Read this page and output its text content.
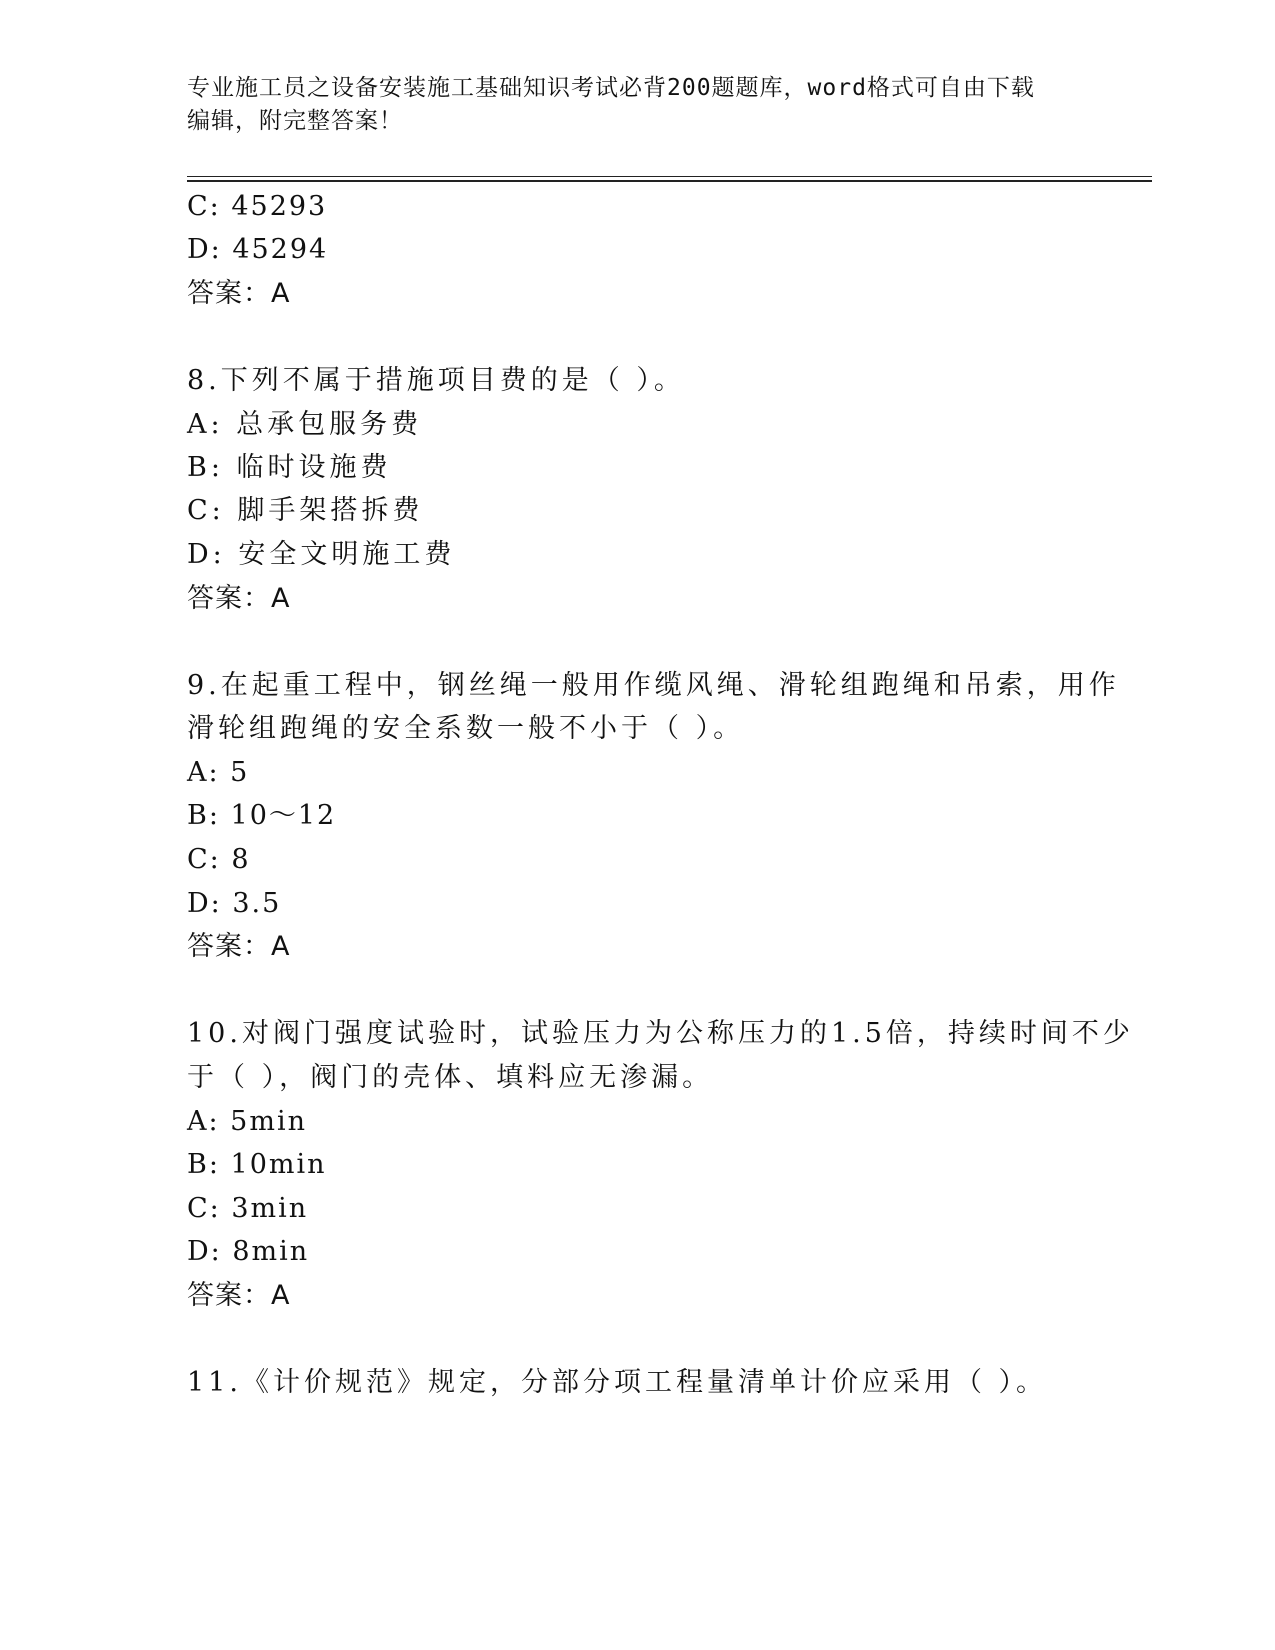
专业施工员之设备安装施工基础知识考试必背200题题库，word格式可自由下载
编辑，附完整答案！
C: 45293
D: 45294
答案：A
8.下列不属于措施项目费的是（ ）。
A: 总承包服务费
B: 临时设施费
C: 脚手架搭拆费
D: 安全文明施工费
答案：A
9.在起重工程中，钢丝绳一般用作缆风绳、滑轮组跑绳和吊索，用作
滑轮组跑绳的安全系数一般不小于（ ）。
A: 5
B: 10～12
C: 8
D: 3.5
答案：A
10.对阀门强度试验时，试验压力为公称压力的1.5倍，持续时间不少
于（ ），阀门的壳体、填料应无渗漏。
A: 5min
B: 10min
C: 3min
D: 8min
答案：A
11.《计价规范》规定，分部分项工程量清单计价应采用（ ）。
